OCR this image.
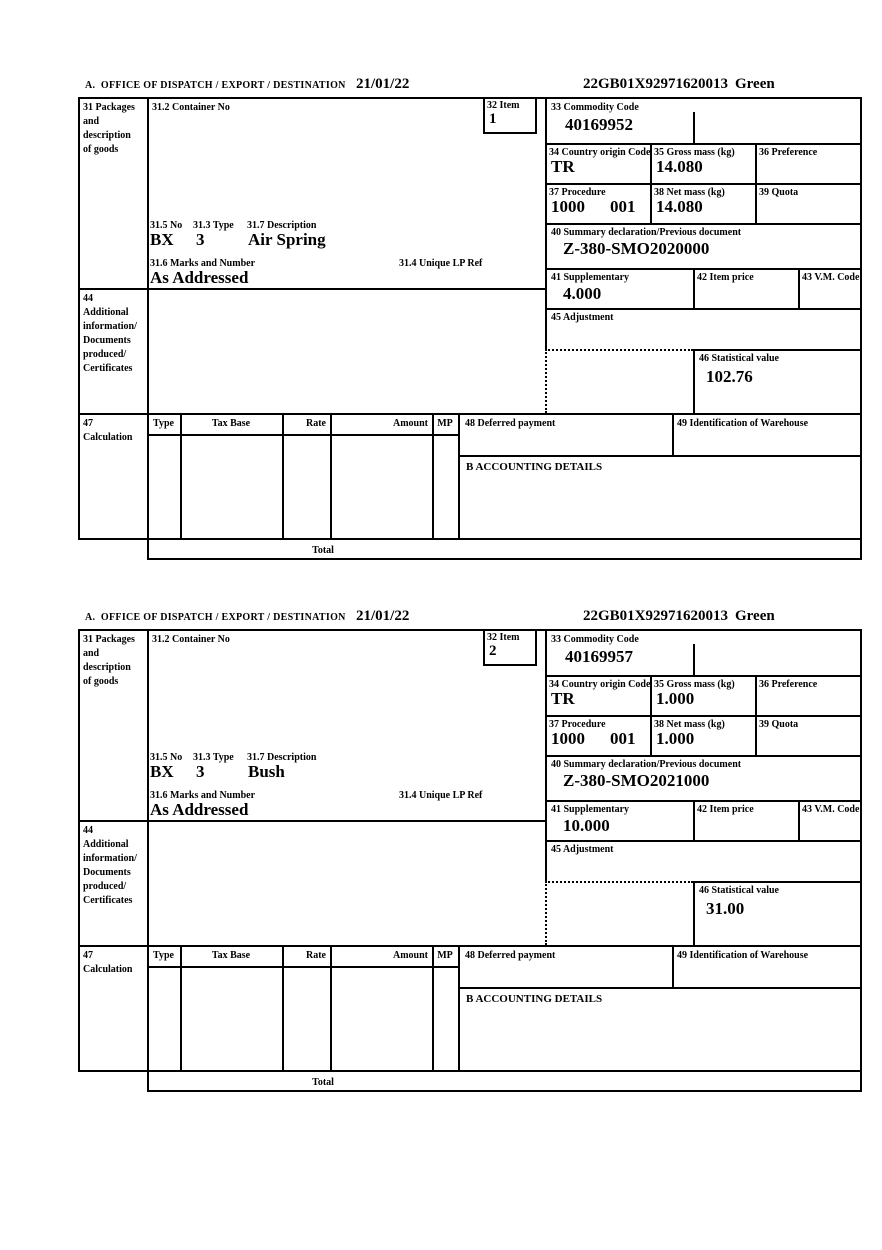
A.  OFFICE OF DISPATCH / EXPORT / DESTINATION 21/01/22	22GB01X92971620013 Green
31 Packages
and
description
of goods
31.2 Container No
31.5 No 31.3 Type 31.7 Description
BX 3	Air Spring
31.6 Marks and Number	31.4 Unique LP Ref
As Addressed
32 Item
1
33 Commodity Code
40169952
34 Country origin Code
TR
35 Gross mass (kg)
14.080
36 Preference
37 Procedure
1000 001
38 Net mass (kg)
14.080
39 Quota
40 Summary declaration/Previous document
Z-380-SMO2020000
41 Supplementary
4.000
42 Item price	43 V.M. Code
45 Adjustment
46 Statistical value
102.76
44
Additional
information/
Documents
produced/
Certificates
47
Calculation
Type	Tax Base	Rate	Amount MP	48 Deferred payment	49 Identification of Warehouse
B ACCOUNTING DETAILS
Total
A.  OFFICE OF DISPATCH / EXPORT / DESTINATION 21/01/22	22GB01X92971620013 Green
31 Packages
and
description
of goods
31.2 Container No
31.5 No 31.3 Type 31.7 Description
BX 3	Bush
31.6 Marks and Number	31.4 Unique LP Ref
As Addressed
32 Item
2
33 Commodity Code
40169957
34 Country origin Code
TR
35 Gross mass (kg)
1.000
36 Preference
37 Procedure
1000 001
38 Net mass (kg)
1.000
39 Quota
40 Summary declaration/Previous document
Z-380-SMO2021000
41 Supplementary
10.000
42 Item price	43 V.M. Code
45 Adjustment
46 Statistical value
31.00
44
Additional
information/
Documents
produced/
Certificates
47
Calculation
Type	Tax Base	Rate	Amount MP	48 Deferred payment	49 Identification of Warehouse
B ACCOUNTING DETAILS
Total
